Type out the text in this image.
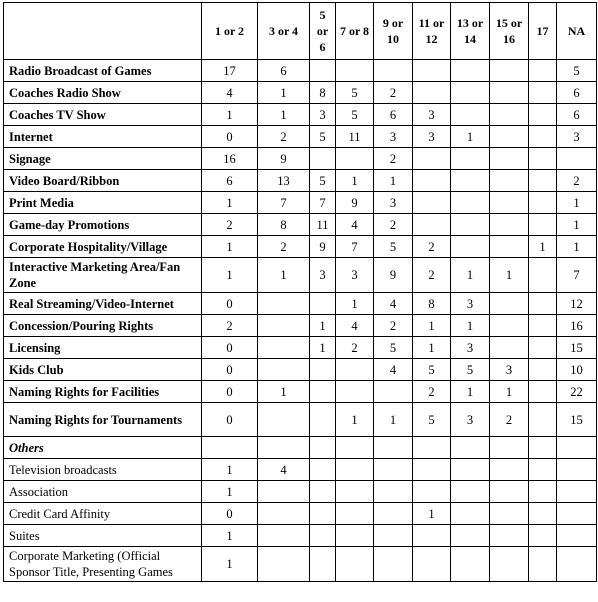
	1 or 2	3 or 4	5 or 6	7 or 8	9 or 10	11 or 12	13 or 14	15 or 16	17	NA
Radio Broadcast of Games	17	6								5
Coaches Radio Show	4	1	8	5	2					6
Coaches TV Show	1	1	3	5	6	3				6
Internet	0	2	5	11	3	3	1			3
Signage	16	9			2					
Video Board/Ribbon	6	13	5	1	1					2
Print Media	1	7	7	9	3					1
Game-day Promotions	2	8	11	4	2					1
Corporate Hospitality/Village	1	2	9	7	5	2			1	1
Interactive Marketing Area/Fan Zone	1	1	3	3	9	2	1	1		7
Real Streaming/Video-Internet	0			1	4	8	3			12
Concession/Pouring Rights	2		1	4	2	1	1			16
Licensing	0		1	2	5	1	3			15
Kids Club	0				4	5	5	3		10
Naming Rights for Facilities	0	1				2	1	1		22
Naming Rights for Tournaments	0			1	1	5	3	2		15
Others										
Television broadcasts	1	4								
Association	1									
Credit Card Affinity	0					1				
Suites	1									
Corporate Marketing (Official Sponsor Title, Presenting Games	1									
